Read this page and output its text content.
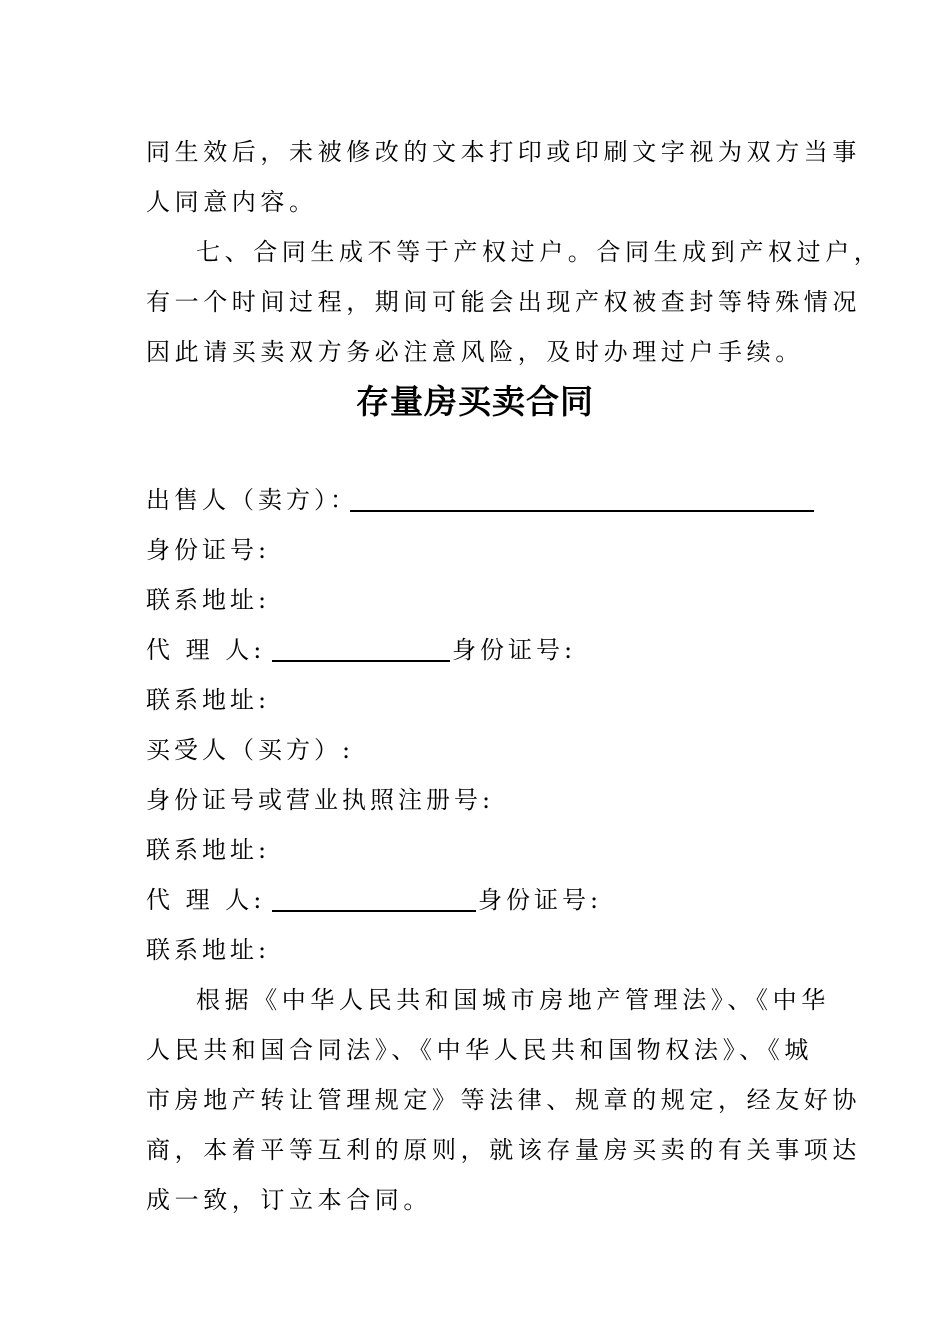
同生效后，未被修改的文本打印或印刷文字视为双方当事
人同意内容。
七、合同生成不等于产权过户。合同生成到产权过户，
有一个时间过程，期间可能会出现产权被查封等特殊情况
因此请买卖双方务必注意风险，及时办理过户手续。
存量房买卖合同
出售人（卖方）：
身份证号:
联系地址:
代 理 人:	身份证号:
联系地址:
买受人（买方）:
身份证号或营业执照注册号:
联系地址:
代 理 人:	身份证号:
联系地址:
根据《中华人民共和国城市房地产管理法》、《中华
人民共和国合同法》、《中华人民共和国物权法》、《城
市房地产转让管理规定》等法律、规章的规定，经友好协
商，本着平等互利的原则，就该存量房买卖的有关事项达
成一致，订立本合同。
